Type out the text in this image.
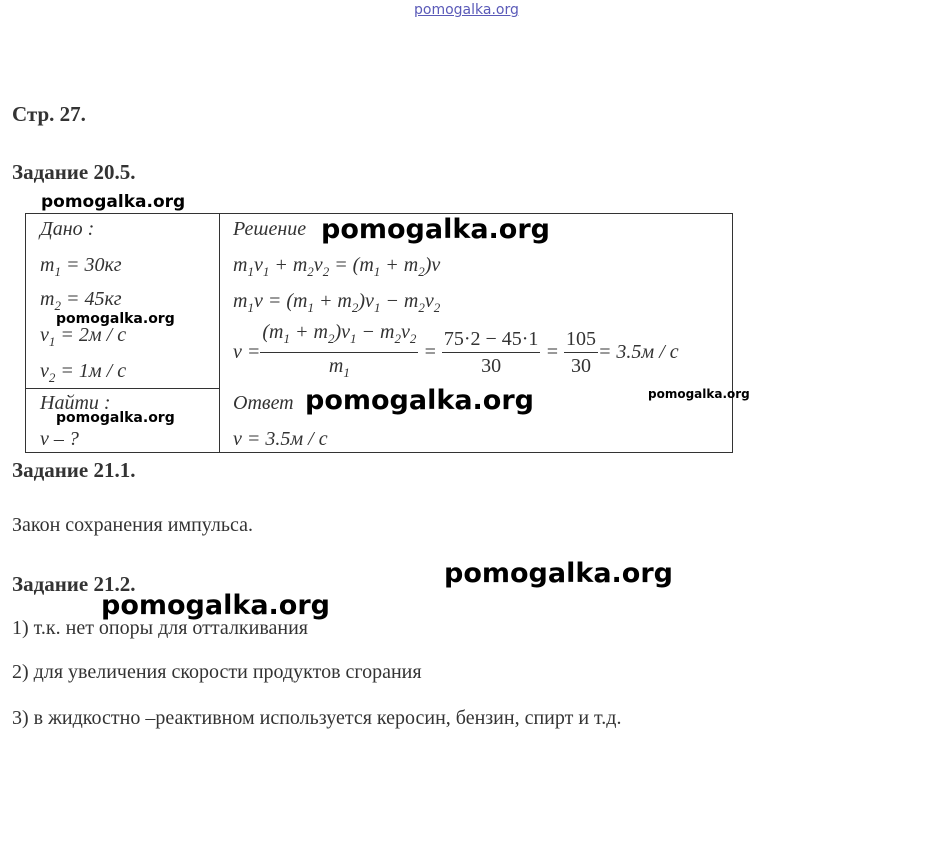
pomogalka.org
Стр. 27.
Задание 20.5.
pomogalka.org
Дано :
$m_1 = 30кг$
$m_2 = 45кг$
$v_1 = 2м / с$
$v_2 = 1м / с$
Найти :
v – ?
Решение
$m_1v_1 + m_2v_2 = (m_1 + m_2)v$
$m_1v = (m_1 + m_2)v_1 - m_2v_2$
$v = \frac{(m_1 + m_2)v_1 - m_2v_2}{m_1} = \frac{75\cdot 2 - 45\cdot 1}{30} = \frac{105}{30} = 3.5м / с$
Ответ
v = 3.5м / с
pomogalka.org
pomogalka.org
pomogalka.org
pomogalka.org
pomogalka.org
Задание 21.1.
Закон сохранения импульса.
Задание 21.2.	pomogalka.org
pomogalka.org
1) т.к. нет опоры для отталкивания
2) для увеличения скорости продуктов сгорания
3) в жидкостно –реактивном используется керосин, бензин, спирт и т.д.
